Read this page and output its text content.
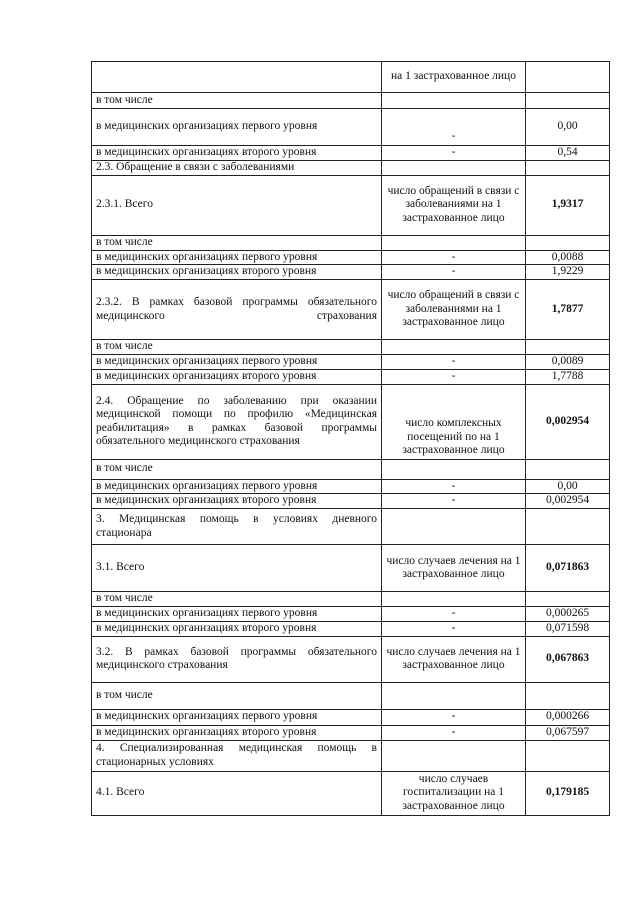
	на 1 застрахованное лицо	
в том числе		
в медицинских организациях первого уровня	-	0,00
в медицинских организациях второго уровня	-	0,54
2.3. Обращение в связи с заболеваниями		
2.3.1. Всего	число обращений в связи с заболеваниями на 1 застрахованное лицо	1,9317
в том числе		
в медицинских организациях первого уровня	-	0,0088
в медицинских организациях второго уровня	-	1,9229
2.3.2. В рамках базовой программы обязательного медицинского страхования	число обращений в связи с заболеваниями на 1 застрахованное лицо	1,7877
в том числе		
в медицинских организациях первого уровня	-	0,0089
в медицинских организациях второго уровня	-	1,7788
2.4. Обращение по заболеванию при оказании медицинской помощи по профилю «Медицинская реабилитация» в рамках базовой программы обязательного медицинского страхования	число комплексных посещений по на 1 застрахованное лицо	0,002954
в том числе		
в медицинских организациях первого уровня	-	0,00
в медицинских организациях второго уровня	-	0,002954
3. Медицинская помощь в условиях дневного стационара		
3.1. Всего	число случаев лечения на 1 застрахованное лицо	0,071863
в том числе		
в медицинских организациях первого уровня	-	0,000265
в медицинских организациях второго уровня	-	0,071598
3.2. В рамках базовой программы обязательного медицинского страхования	число случаев лечения на 1 застрахованное лицо	0,067863
в том числе		
в медицинских организациях первого уровня	-	0,000266
в медицинских организациях второго уровня	-	0,067597
4. Специализированная медицинская помощь в стационарных условиях		
4.1. Всего	число случаев госпитализации на 1 застрахованное лицо	0,179185
